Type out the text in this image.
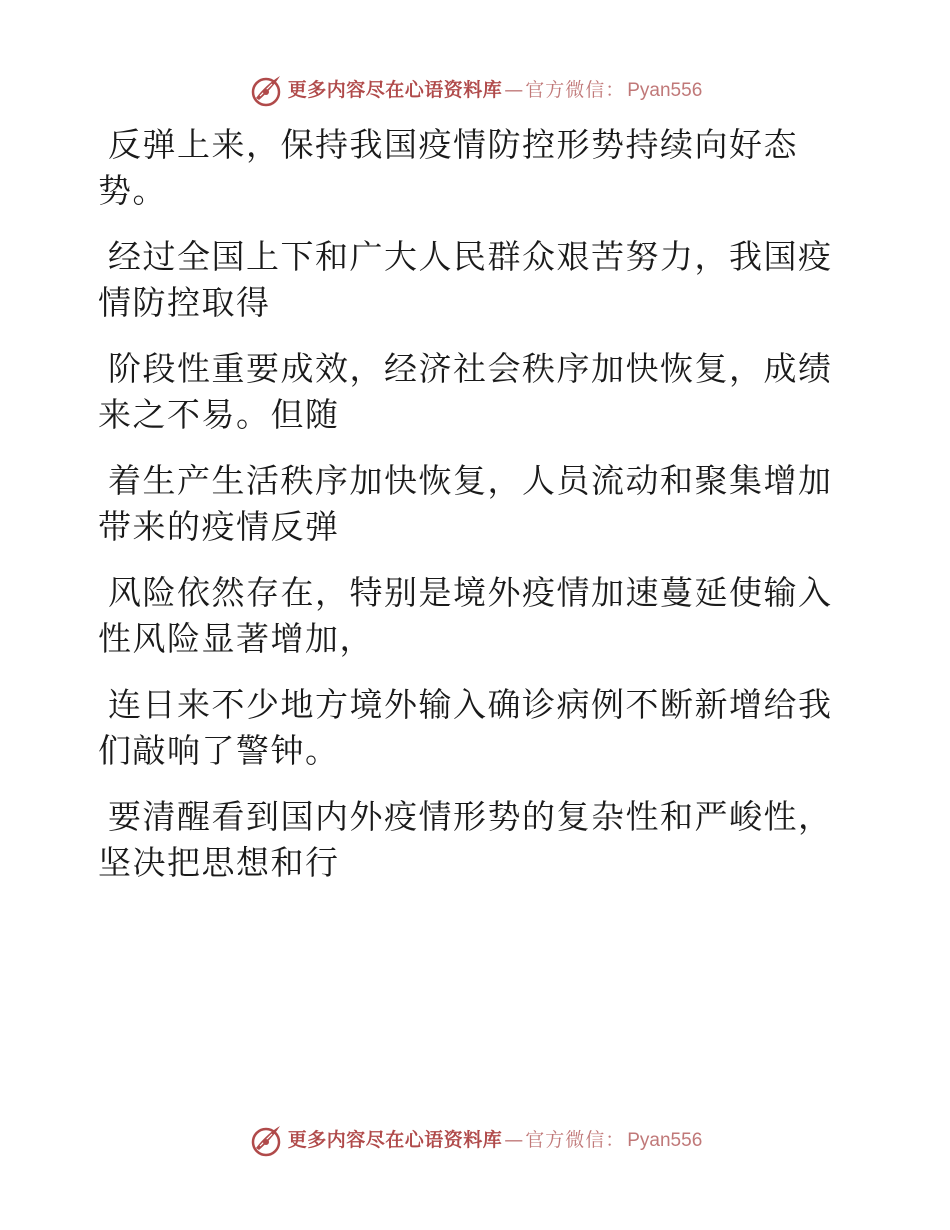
更多内容尽在心语资料库 — 官方微信： Pyan556

反弹上来，保持我国疫情防控形势持续向好态势。

经过全国上下和广大人民群众艰苦努力，我国疫情防控取得

阶段性重要成效，经济社会秩序加快恢复，成绩来之不易。但随

着生产生活秩序加快恢复，人员流动和聚集增加带来的疫情反弹

风险依然存在，特别是境外疫情加速蔓延使输入性风险显著增加，

连日来不少地方境外输入确诊病例不断新增给我们敲响了警钟。

要清醒看到国内外疫情形势的复杂性和严峻性，坚决把思想和行

更多内容尽在心语资料库 — 官方微信： Pyan556
